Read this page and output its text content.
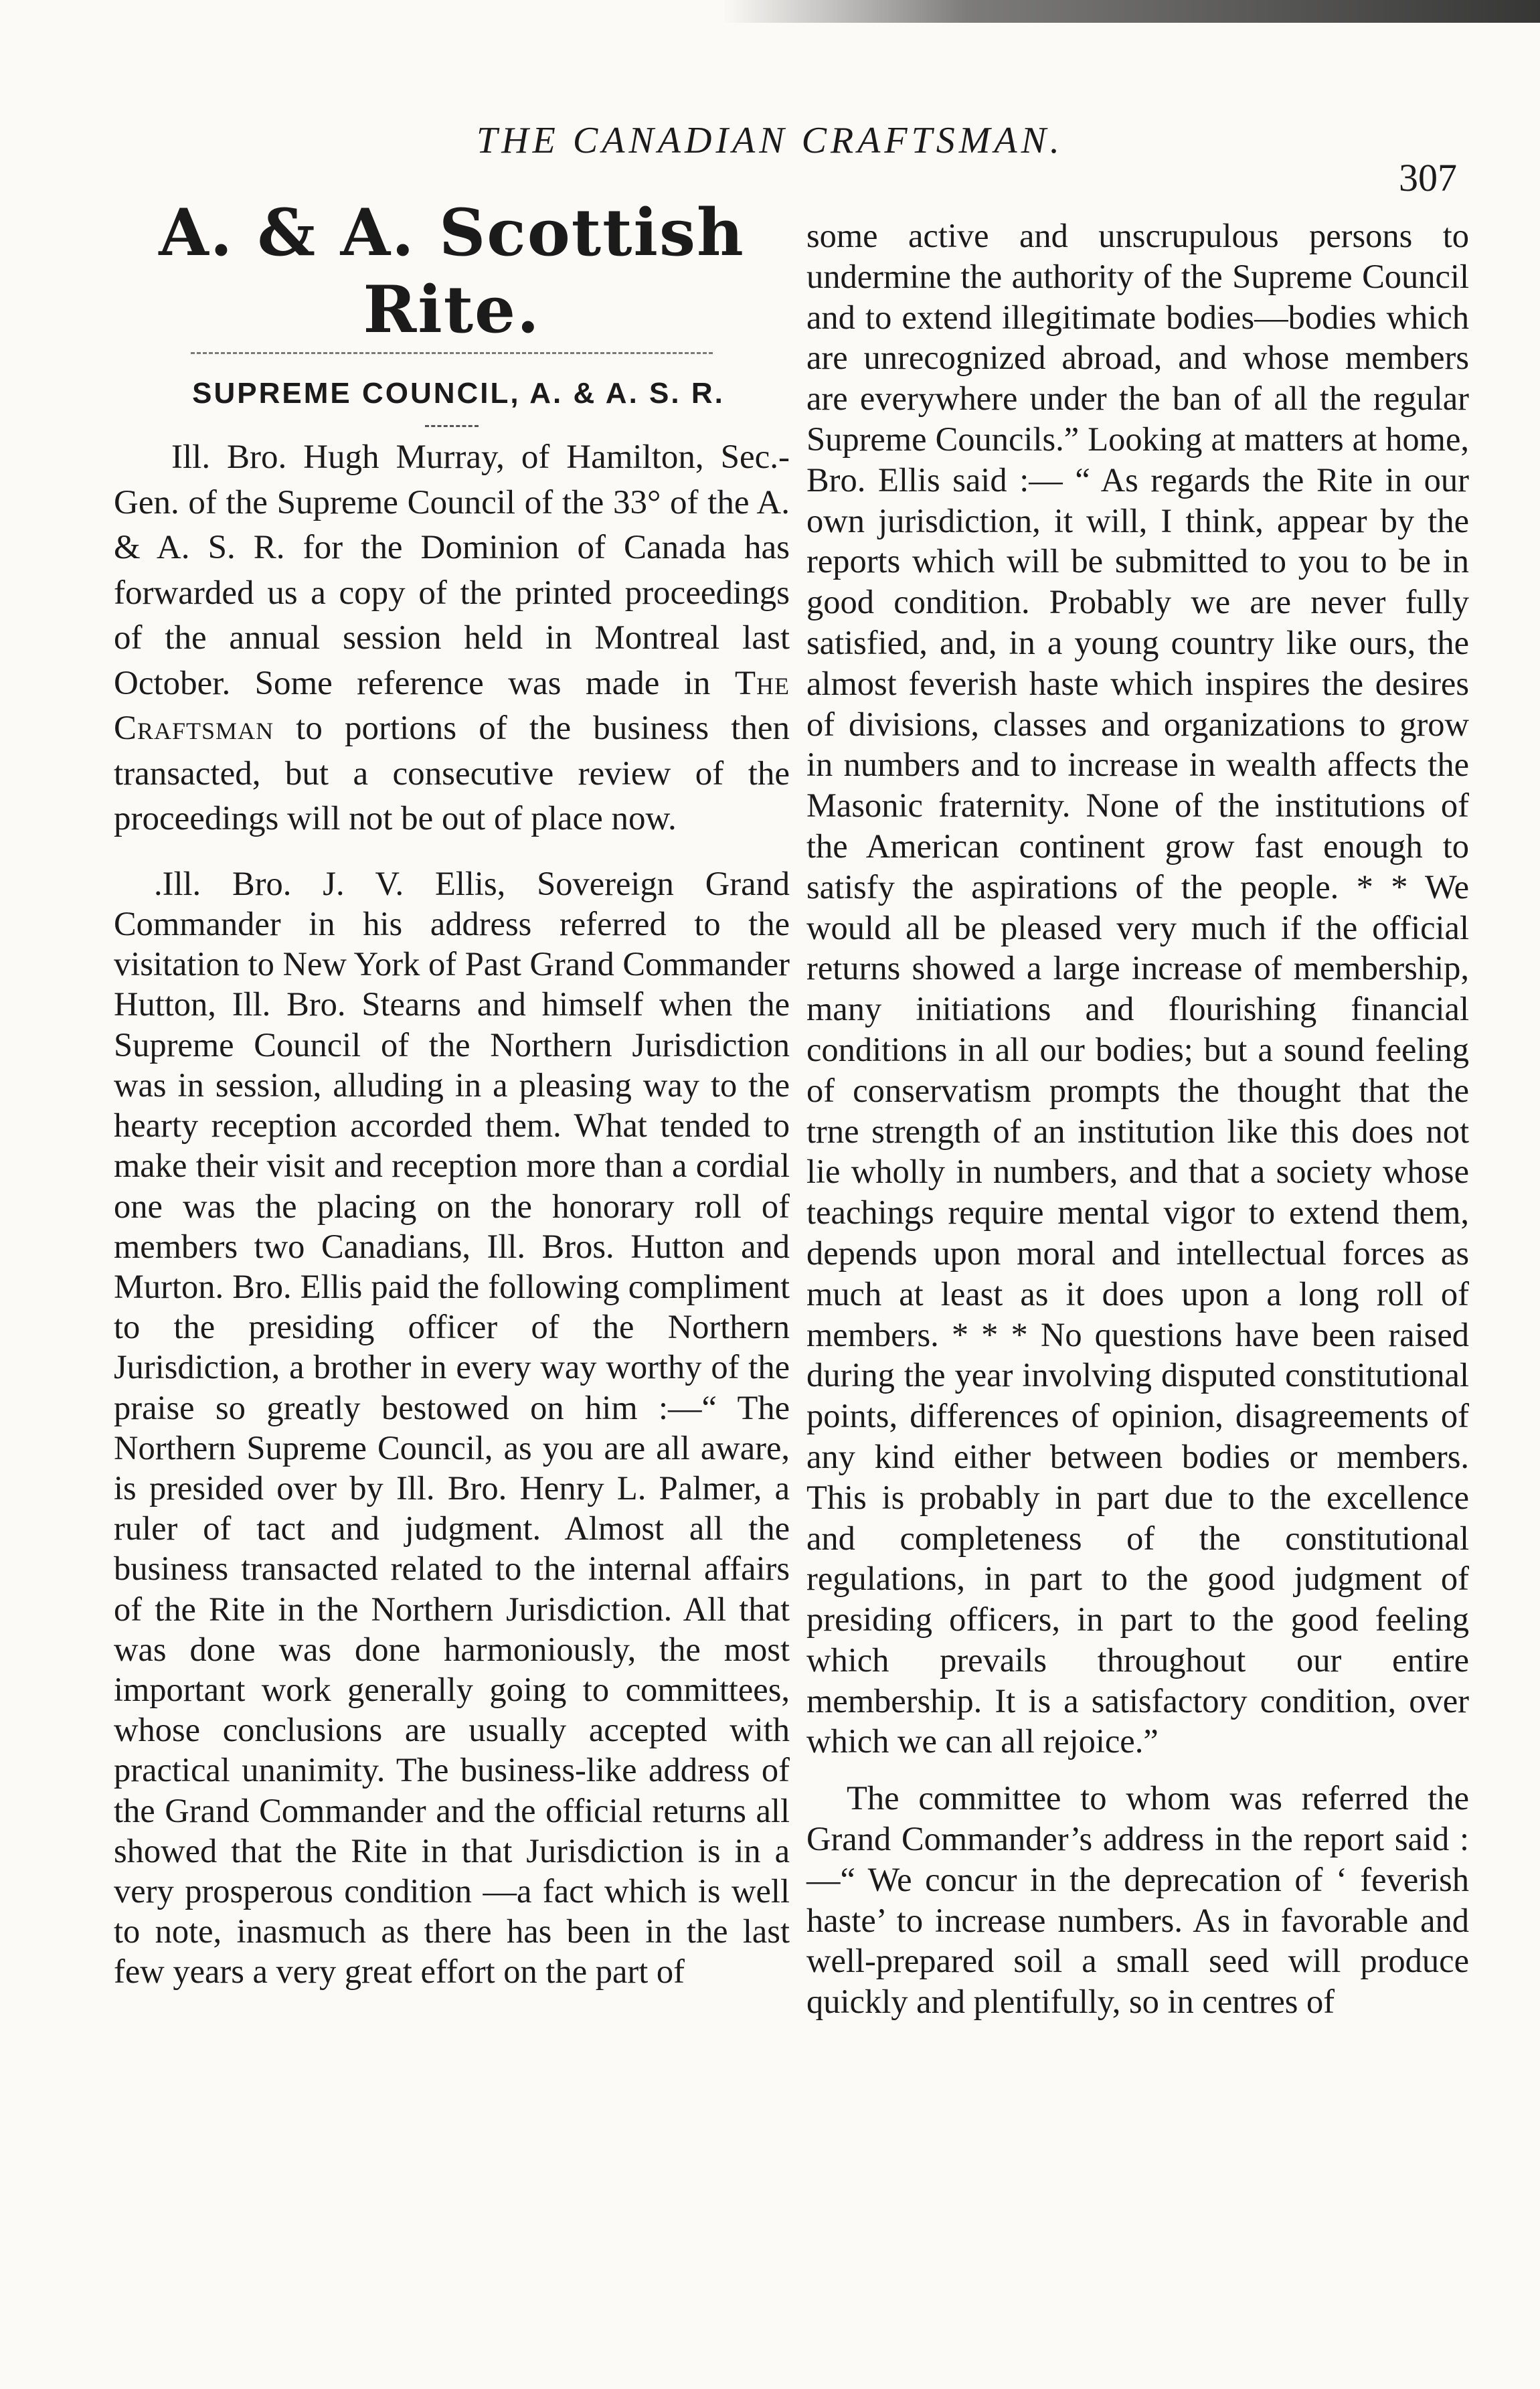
THE CANADIAN CRAFTSMAN.
307
A. & A. Scottish Rite.
SUPREME COUNCIL, A. & A. S. R.

Ill. Bro. Hugh Murray, of Hamilton, Sec.-Gen. of the Supreme Council of the 33° of the A. & A. S. R. for the Dominion of Canada has forwarded us a copy of the printed proceedings of the annual session held in Montreal last October. Some reference was made in The Craftsman to portions of the business then transacted, but a consecutive review of the proceedings will not be out of place now.

.Ill. Bro. J. V. Ellis, Sovereign Grand Commander in his address referred to the visitation to New York of Past Grand Commander Hutton, Ill. Bro. Stearns and himself when the Supreme Council of the Northern Jurisdiction was in session, alluding in a pleasing way to the hearty reception accorded them. What tended to make their visit and reception more than a cordial one was the placing on the honorary roll of members two Canadians, Ill. Bros. Hutton and Murton. Bro. Ellis paid the following compliment to the presiding officer of the Northern Jurisdiction, a brother in every way worthy of the praise so greatly bestowed on him :—“ The Northern Supreme Council, as you are all aware, is presided over by Ill. Bro. Henry L. Palmer, a ruler of tact and judgment. Almost all the business transacted related to the internal affairs of the Rite in the Northern Jurisdiction. All that was done was done harmoniously, the most important work generally going to committees, whose conclusions are usually accepted with practical unanimity. The business-like address of the Grand Commander and the official returns all showed that the Rite in that Jurisdiction is in a very prosperous condition —a fact which is well to note, inasmuch as there has been in the last few years a very great effort on the part of

some active and unscrupulous persons to undermine the authority of the Supreme Council and to extend illegitimate bodies—bodies which are unrecognized abroad, and whose members are everywhere under the ban of all the regular Supreme Councils.” Looking at matters at home, Bro. Ellis said :— “ As regards the Rite in our own jurisdiction, it will, I think, appear by the reports which will be submitted to you to be in good condition. Probably we are never fully satisfied, and, in a young country like ours, the almost feverish haste which inspires the desires of divisions, classes and organizations to grow in numbers and to increase in wealth affects the Masonic fraternity. None of the institutions of the American continent grow fast enough to satisfy the aspirations of the people. * * We would all be pleased very much if the official returns showed a large increase of membership, many initiations and flourishing financial conditions in all our bodies; but a sound feeling of conservatism prompts the thought that the trne strength of an institution like this does not lie wholly in numbers, and that a society whose teachings require mental vigor to extend them, depends upon moral and intellectual forces as much at least as it does upon a long roll of members. * * * No questions have been raised during the year involving disputed constitutional points, differences of opinion, disagreements of any kind either between bodies or members. This is probably in part due to the excellence and completeness of the constitutional regulations, in part to the good judgment of presiding officers, in part to the good feeling which prevails throughout our entire membership. It is a satisfactory condition, over which we can all rejoice.”

The committee to whom was referred the Grand Commander’s address in the report said :—“ We concur in the deprecation of ‘ feverish haste’ to increase numbers. As in favorable and well-prepared soil a small seed will produce quickly and plentifully, so in centres of
